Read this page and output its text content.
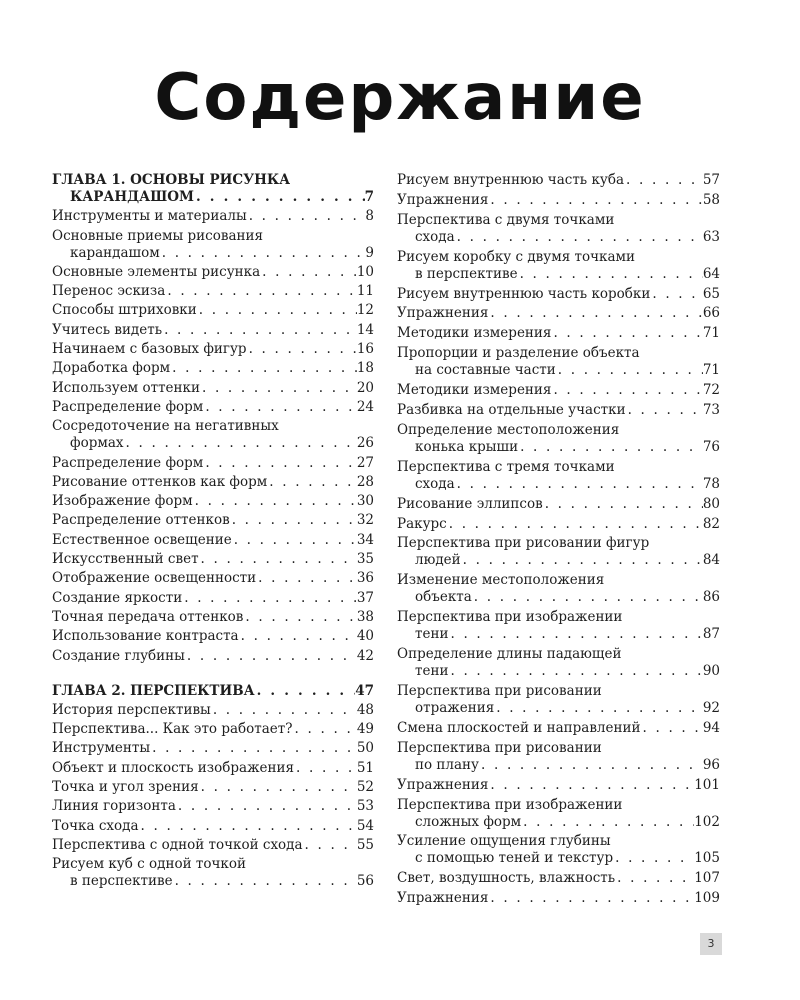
Содержание
ГЛАВА 1. ОСНОВЫ РИСУНКА
КАРАНДАШОМ . . .	7
Инструменты и материалы . . .	8
Основные приемы рисования
карандашом . . .	9
Основные элементы рисунка . . .	10
Перенос эскиза . . .	11
Способы штриховки . . .	12
Учитесь видеть . . .	14
Начинаем с базовых фигур . . .	16
Доработка форм . . .	18
Используем оттенки . . .	20
Распределение форм . . .	24
Сосредоточение на негативных
формах . . .	26
Распределение форм . . .	27
Рисование оттенков как форм . . .	28
Изображение форм . . .	30
Распределение оттенков . . .	32
Естественное освещение . . .	34
Искусственный свет . . .	35
Отображение освещенности . . .	36
Создание яркости . . .	37
Точная передача оттенков . . .	38
Использование контраста . . .	40
Создание глубины . . .	42
ГЛАВА 2. ПЕРСПЕКТИВА . . .	47
История перспективы . . .	48
Перспектива... Как это работает? . . .	49
Инструменты . . .	50
Объект и плоскость изображения . . .	51
Точка и угол зрения . . .	52
Линия горизонта . . .	53
Точка схода . . .	54
Перспектива с одной точкой схода . . .	55
Рисуем куб с одной точкой
в перспективе . . .	56
Рисуем внутреннюю часть куба . . .	57
Упражнения . . .	58
Перспектива с двумя точками
схода . . .	63
Рисуем коробку с двумя точками
в перспективе . . .	64
Рисуем внутреннюю часть коробки . . .	65
Упражнения . . .	66
Методики измерения . . .	71
Пропорции и разделение объекта
на составные части . . .	71
Методики измерения . . .	72
Разбивка на отдельные участки . . .	73
Определение местоположения
конька крыши . . .	76
Перспектива с тремя точками
схода . . .	78
Рисование эллипсов . . .	80
Ракурс . . .	82
Перспектива при рисовании фигур
людей . . .	84
Изменение местоположения
объекта . . .	86
Перспектива при изображении
тени . . .	87
Определение длины падающей
тени . . .	90
Перспектива при рисовании
отражения . . .	92
Смена плоскостей и направлений . . .	94
Перспектива при рисовании
по плану . . .	96
Упражнения . . .	101
Перспектива при изображении
сложных форм . . .	102
Усиление ощущения глубины
с помощью теней и текстур . . .	105
Свет, воздушность, влажность . . .	107
Упражнения . . .	109
3
